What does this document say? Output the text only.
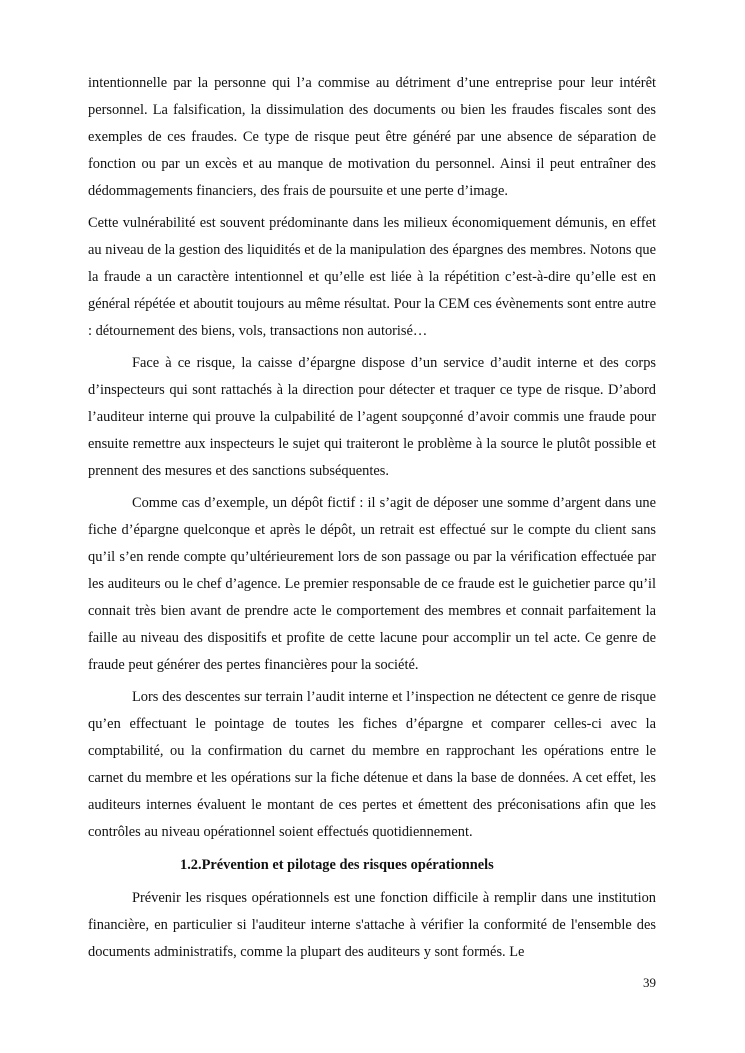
intentionnelle par la personne qui l’a commise au détriment d’une entreprise pour leur intérêt personnel. La falsification, la dissimulation des documents ou bien les fraudes fiscales sont des exemples de ces fraudes. Ce type de risque peut être généré par une absence de séparation de fonction ou par un excès et au manque de motivation du personnel. Ainsi il peut entraîner des dédommagements financiers, des frais de poursuite et une perte d’image.

Cette vulnérabilité est souvent prédominante dans les milieux économiquement démunis, en effet au niveau de la gestion des liquidités et de la manipulation des épargnes des membres. Notons que la fraude a un caractère intentionnel et qu’elle est liée à la répétition c’est-à-dire qu’elle est en général répétée et aboutit toujours au même résultat. Pour la CEM ces évènements sont entre autre : détournement des biens, vols, transactions non autorisé…

Face à ce risque, la caisse d’épargne dispose d’un service d’audit interne et des corps d’inspecteurs qui sont rattachés à la direction pour détecter et traquer ce type de risque. D’abord l’auditeur interne qui prouve la culpabilité de l’agent soupçonné d’avoir commis une fraude pour ensuite remettre aux inspecteurs le sujet qui traiteront le problème à la source le plutôt possible et prennent des mesures et des sanctions subséquentes.

Comme cas d’exemple, un dépôt fictif : il s’agit de déposer une somme d’argent dans une fiche d’épargne quelconque et après le dépôt, un retrait est effectué sur le compte du client sans qu’il s’en rende compte qu’ultérieurement lors de son passage ou par la vérification effectuée par les auditeurs ou le chef d’agence. Le premier responsable de ce fraude est le guichetier parce qu’il connait très bien avant de prendre acte le comportement des membres et connait parfaitement la faille au niveau des dispositifs et profite de cette lacune pour accomplir un tel acte. Ce genre de fraude peut générer des pertes financières pour la société.

Lors des descentes sur terrain l’audit interne et l’inspection ne détectent ce genre de risque qu’en effectuant le pointage de toutes les fiches d’épargne et comparer celles-ci avec la comptabilité, ou la confirmation du carnet du membre en rapprochant les opérations entre le carnet du membre et les opérations sur la fiche détenue et dans la base de données. A cet effet, les auditeurs internes évaluent le montant de ces pertes et émettent des préconisations afin que les contrôles au niveau opérationnel soient effectués quotidiennement.

1.2.Prévention et pilotage des risques opérationnels

Prévenir les risques opérationnels est une fonction difficile à remplir dans une institution financière, en particulier si l'auditeur interne s'attache à vérifier la conformité de l'ensemble des documents administratifs, comme la plupart des auditeurs y sont formés. Le

39
